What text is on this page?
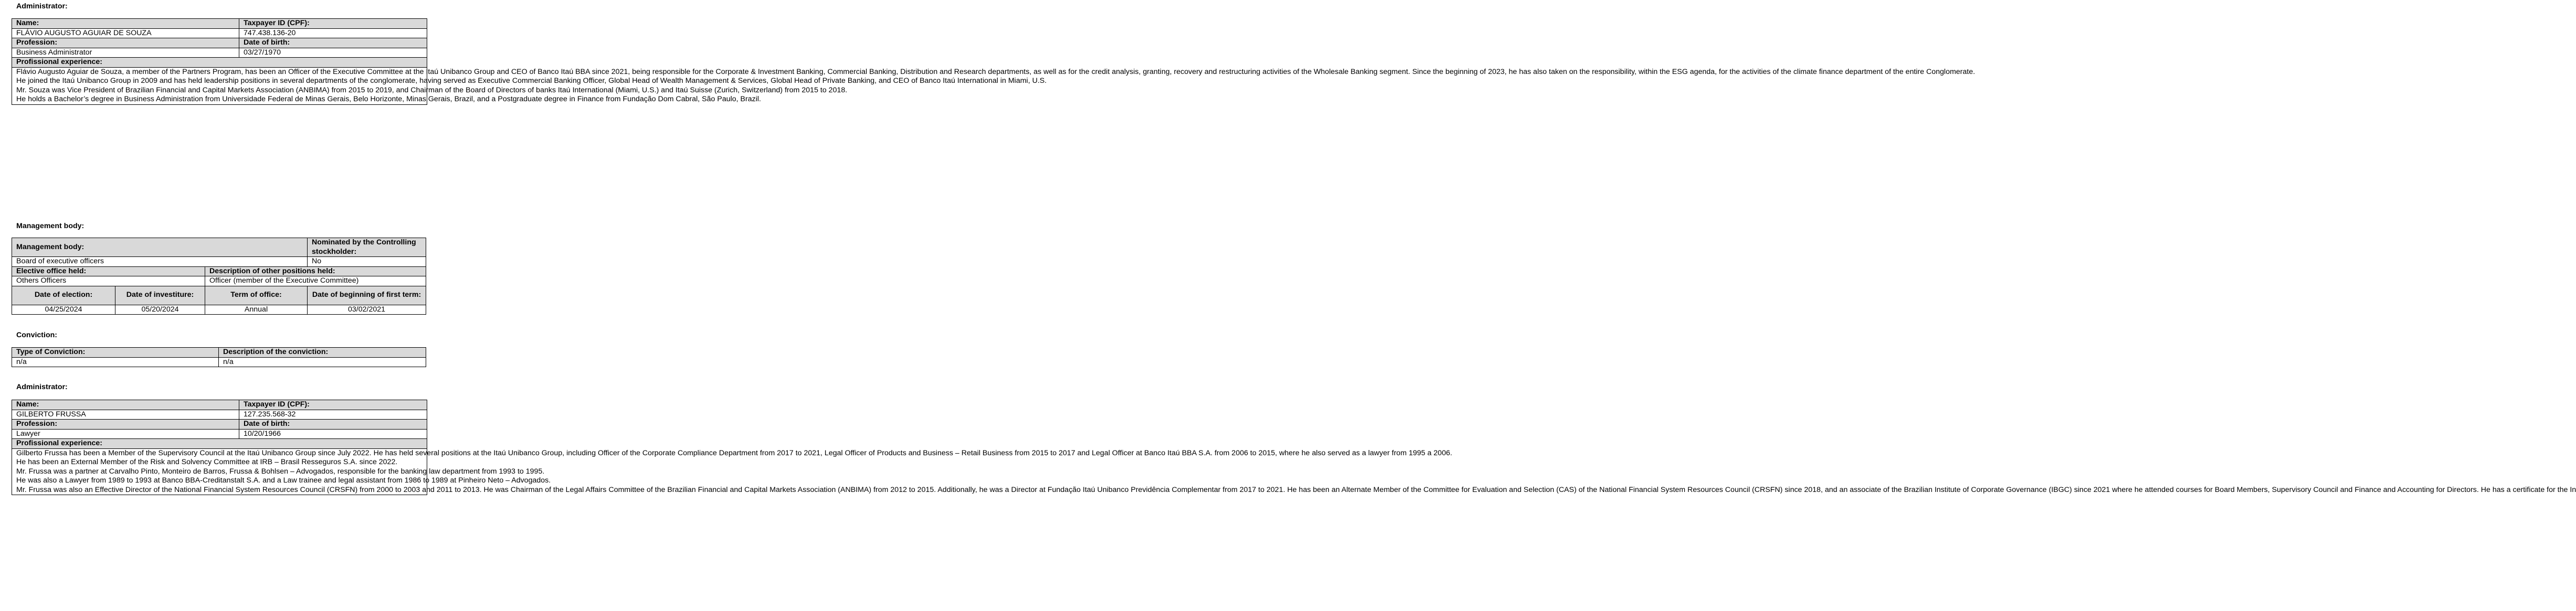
Administrator:
Name:	Taxpayer ID (CPF):
FLÁVIO AUGUSTO AGUIAR DE SOUZA	747.438.136-20
Profession:	Date of birth:
Business Administrator	03/27/1970
Profissional experience:	

Flávio Augusto Aguiar de Souza, a member of the Partners Program, has been an Officer of the Executive Committee at the Itaú Unibanco Group and CEO of Banco Itaú BBA since 2021, being responsible for the Corporate & Investment Banking, Commercial Banking, Distribution and Research departments, as well as for the credit analysis, granting, recovery and restructuring activities of the Wholesale Banking segment. Since the beginning of 2023, he has also taken on the responsibility, within the ESG agenda, for the activities of the climate finance department of the entire Conglomerate.

He joined the Itaú Unibanco Group in 2009 and has held leadership positions in several departments of the conglomerate, having served as Executive Commercial Banking Officer, Global Head of Wealth Management & Services, Global Head of Private Banking, and CEO of Banco Itaú International in Miami, U.S.

Mr. Souza was Vice President of Brazilian Financial and Capital Markets Association (ANBIMA) from 2015 to 2019, and Chairman of the Board of Directors of banks Itaú International (Miami, U.S.) and Itaú Suisse (Zurich, Switzerland) from 2015 to 2018.

He holds a Bachelor’s degree in Business Administration from Universidade Federal de Minas Gerais, Belo Horizonte, Minas Gerais, Brazil, and a Postgraduate degree in Finance from Fundação Dom Cabral, São Paulo, Brazil.	

Management body:
Management body:			Nominated by the Controlling stockholder:
Board of executive officers			No
Elective office held:		Description of other positions held:	
Others Officers		Officer (member of the Executive Committee)	
Date of election:	Date of investiture:	Term of office:	Date of beginning of first term:
04/25/2024	05/20/2024	Annual	03/02/2021
Conviction:
Type of Conviction:	Description of the conviction:
n/a	n/a
Administrator:
Name:	Taxpayer ID (CPF):
GILBERTO FRUSSA	127.235.568-32
Profession:	Date of birth:
Lawyer	10/20/1966
Profissional experience:	

Gilberto Frussa has been a Member of the Supervisory Council at the Itaú Unibanco Group since July 2022. He has held several positions at the Itaú Unibanco Group, including Officer of the Corporate Compliance Department from 2017 to 2021, Legal Officer of Products and Business – Retail Business from 2015 to 2017 and Legal Officer at Banco Itaú BBA S.A. from 2006 to 2015, where he also served as a lawyer from 1995 a 2006.

He has been an External Member of the Risk and Solvency Committee at IRB – Brasil Resseguros S.A. since 2022.

Mr. Frussa was a partner at Carvalho Pinto, Monteiro de Barros, Frussa & Bohlsen – Advogados, responsible for the banking law department from 1993 to 1995.

He was also a Lawyer from 1989 to 1993 at Banco BBA-Creditanstalt S.A. and a Law trainee and legal assistant from 1986 to 1989 at Pinheiro Neto – Advogados.

Mr. Frussa was also an Effective Director of the National Financial System Resources Council (CRSFN) from 2000 to 2003 and 2011 to 2013. He was Chairman of the Legal Affairs Committee of the Brazilian Financial and Capital Markets Association (ANBIMA) from 2012 to 2015. Additionally, he was a Director at Fundação Itaú Unibanco Previdência Complementar from 2017 to 2021. He has been an Alternate Member of the Committee for Evaluation and Selection (CAS) of the National Financial System Resources Council (CRSFN) since 2018, and an associate of the Brazilian Institute of Corporate Governance (IBGC) since 2021 where he attended courses for Board Members, Supervisory Council and Finance and Accounting for Directors. He has a certificate for the In	
